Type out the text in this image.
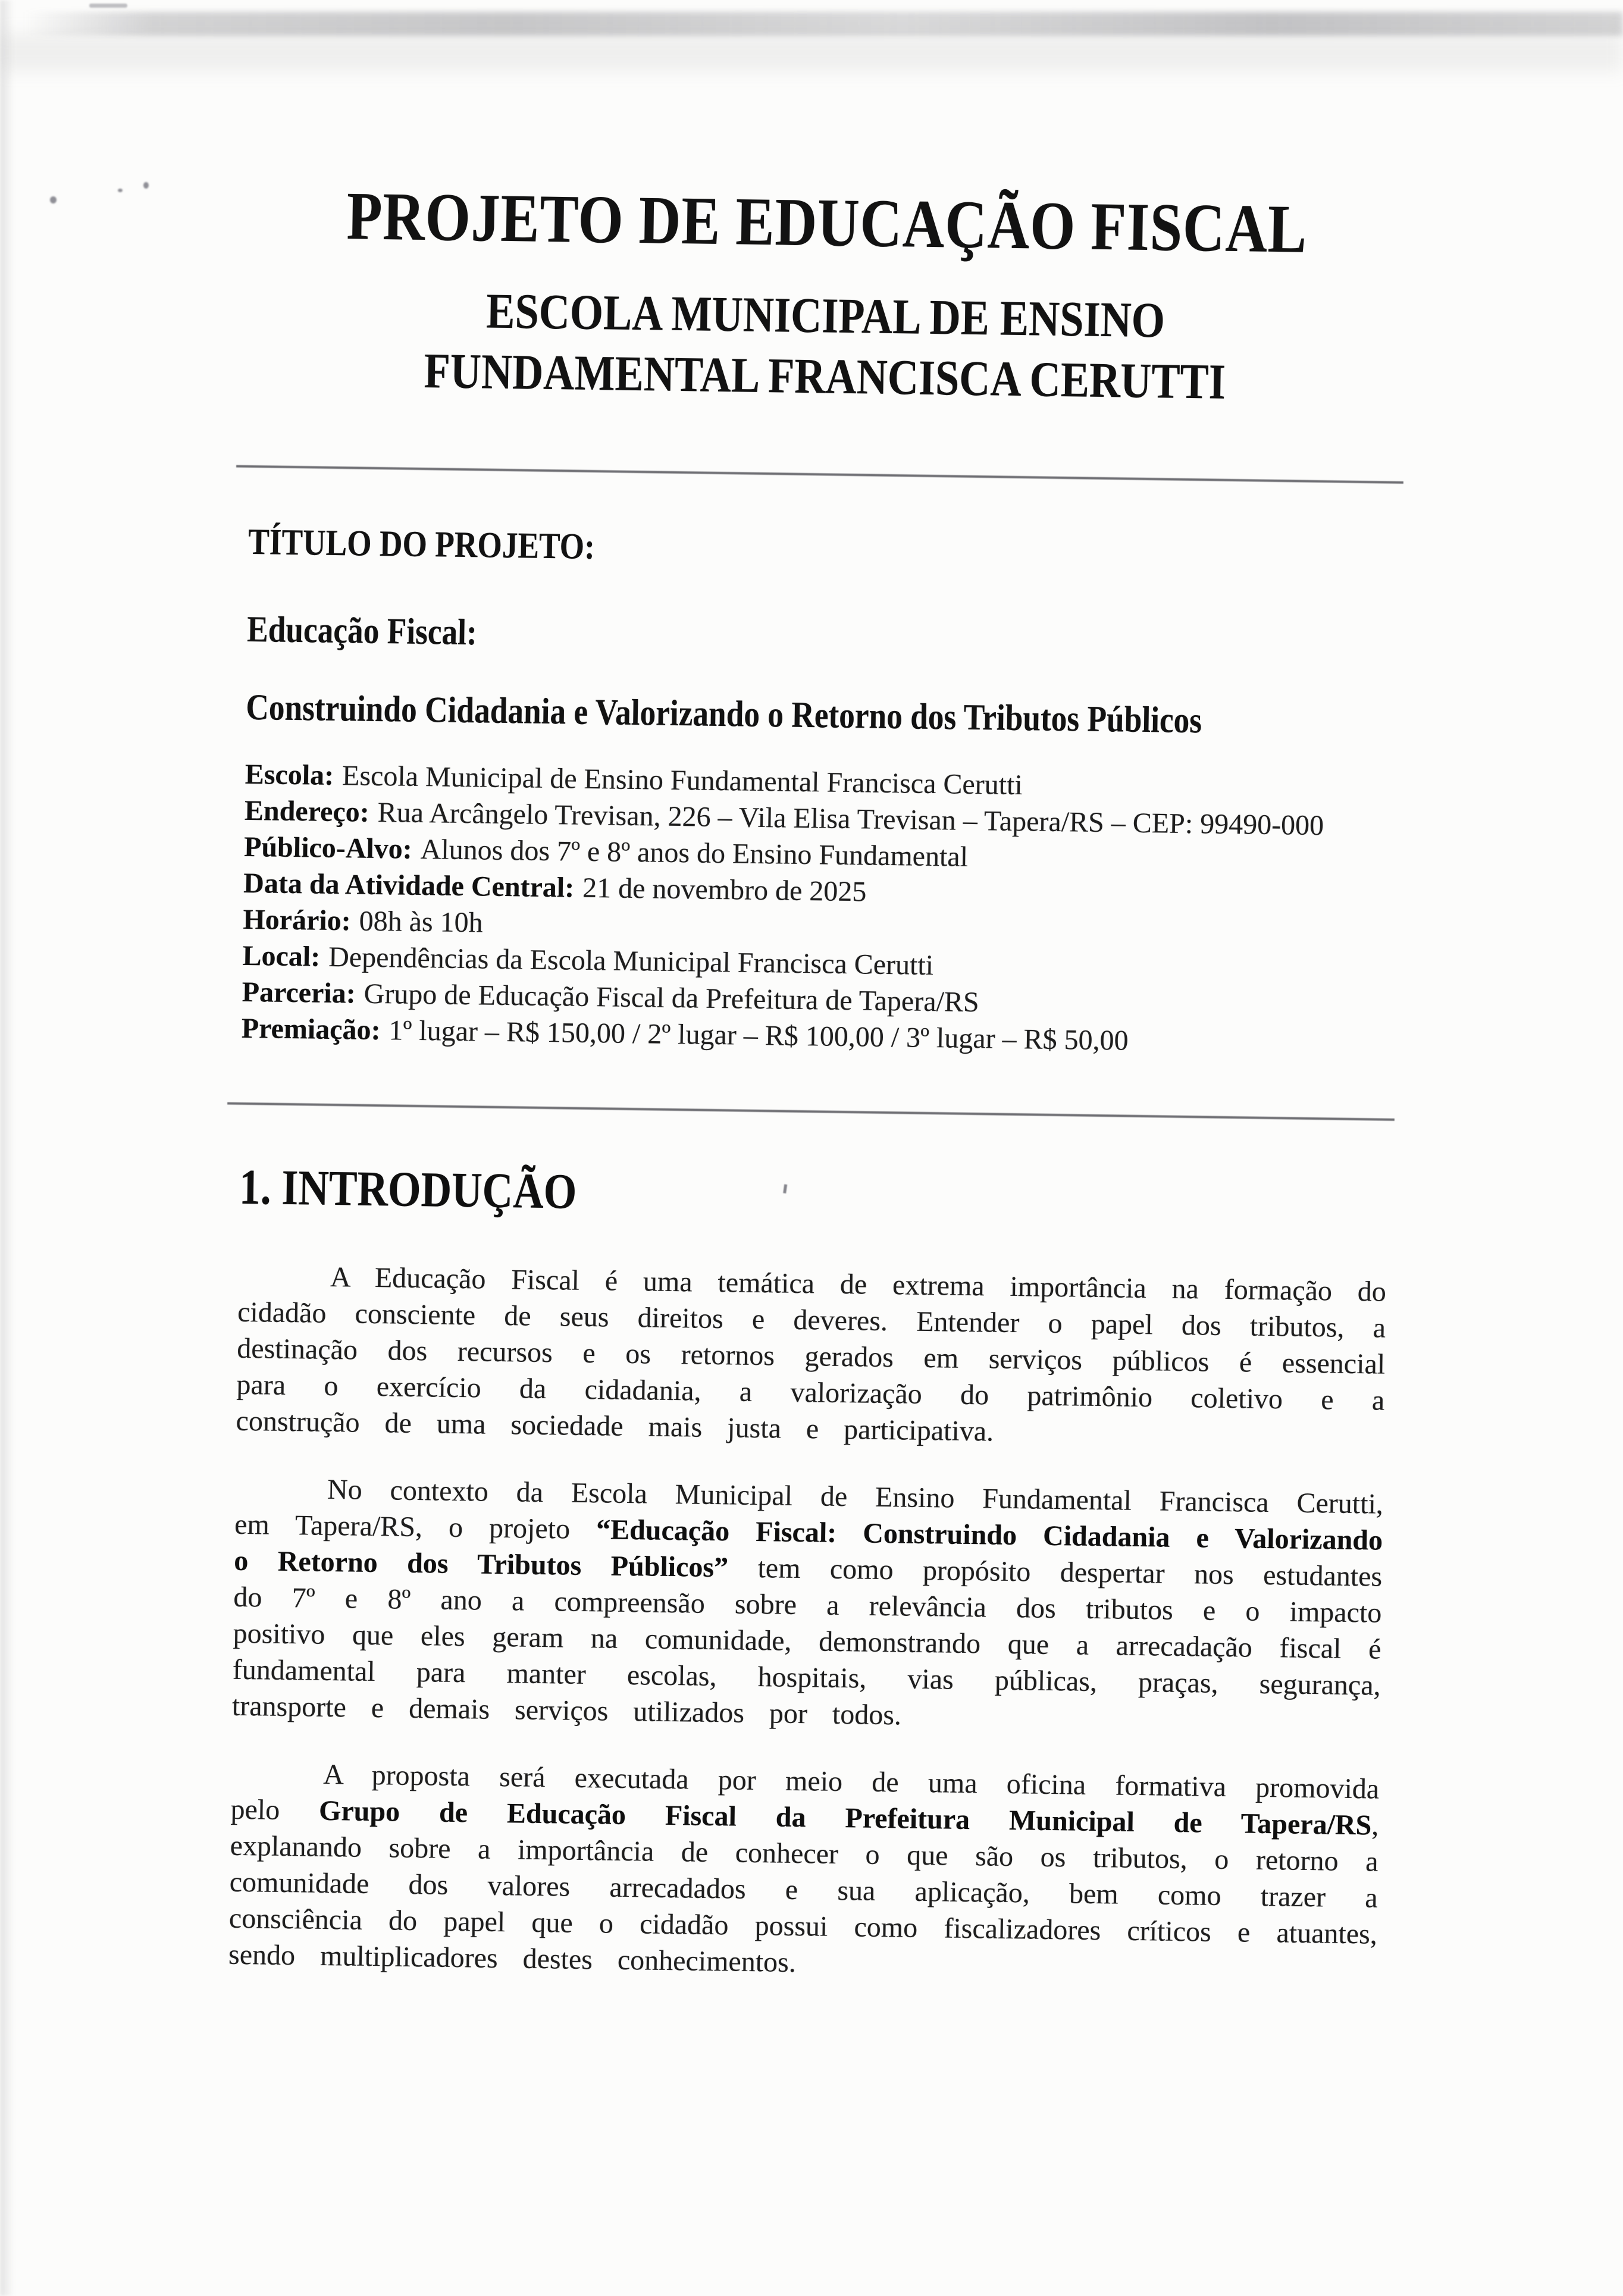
PROJETO DE EDUCAÇÃO FISCAL
ESCOLA MUNICIPAL DE ENSINO
FUNDAMENTAL FRANCISCA CERUTTI
TÍTULO DO PROJETO:
Educação Fiscal:
Construindo Cidadania e Valorizando o Retorno dos Tributos Públicos
Escola: Escola Municipal de Ensino Fundamental Francisca Cerutti
Endereço: Rua Arcângelo Trevisan, 226 – Vila Elisa Trevisan – Tapera/RS – CEP: 99490-000
Público-Alvo: Alunos dos 7º e 8º anos do Ensino Fundamental
Data da Atividade Central: 21 de novembro de 2025
Horário: 08h às 10h
Local: Dependências da Escola Municipal Francisca Cerutti
Parceria: Grupo de Educação Fiscal da Prefeitura de Tapera/RS
Premiação: 1º lugar – R$ 150,00 / 2º lugar – R$ 100,00 / 3º lugar – R$ 50,00
1. INTRODUÇÃO

A Educação Fiscal é uma temática de extrema importância na formação do cidadão consciente de seus direitos e deveres. Entender o papel dos tributos, a destinação dos recursos e os retornos gerados em serviços públicos é essencial para o exercício da cidadania, a valorização do patrimônio coletivo e a construção de uma sociedade mais justa e participativa.

No contexto da Escola Municipal de Ensino Fundamental Francisca Cerutti, em Tapera/RS, o projeto “Educação Fiscal: Construindo Cidadania e Valorizando o Retorno dos Tributos Públicos” tem como propósito despertar nos estudantes do 7º e 8º ano a compreensão sobre a relevância dos tributos e o impacto positivo que eles geram na comunidade, demonstrando que a arrecadação fiscal é fundamental para manter escolas, hospitais, vias públicas, praças, segurança, transporte e demais serviços utilizados por todos.

A proposta será executada por meio de uma oficina formativa promovida pelo Grupo de Educação Fiscal da Prefeitura Municipal de Tapera/RS, explanando sobre a importância de conhecer o que são os tributos, o retorno a comunidade dos valores arrecadados e sua aplicação, bem como trazer a consciência do papel que o cidadão possui como fiscalizadores críticos e atuantes, sendo multiplicadores destes conhecimentos.
